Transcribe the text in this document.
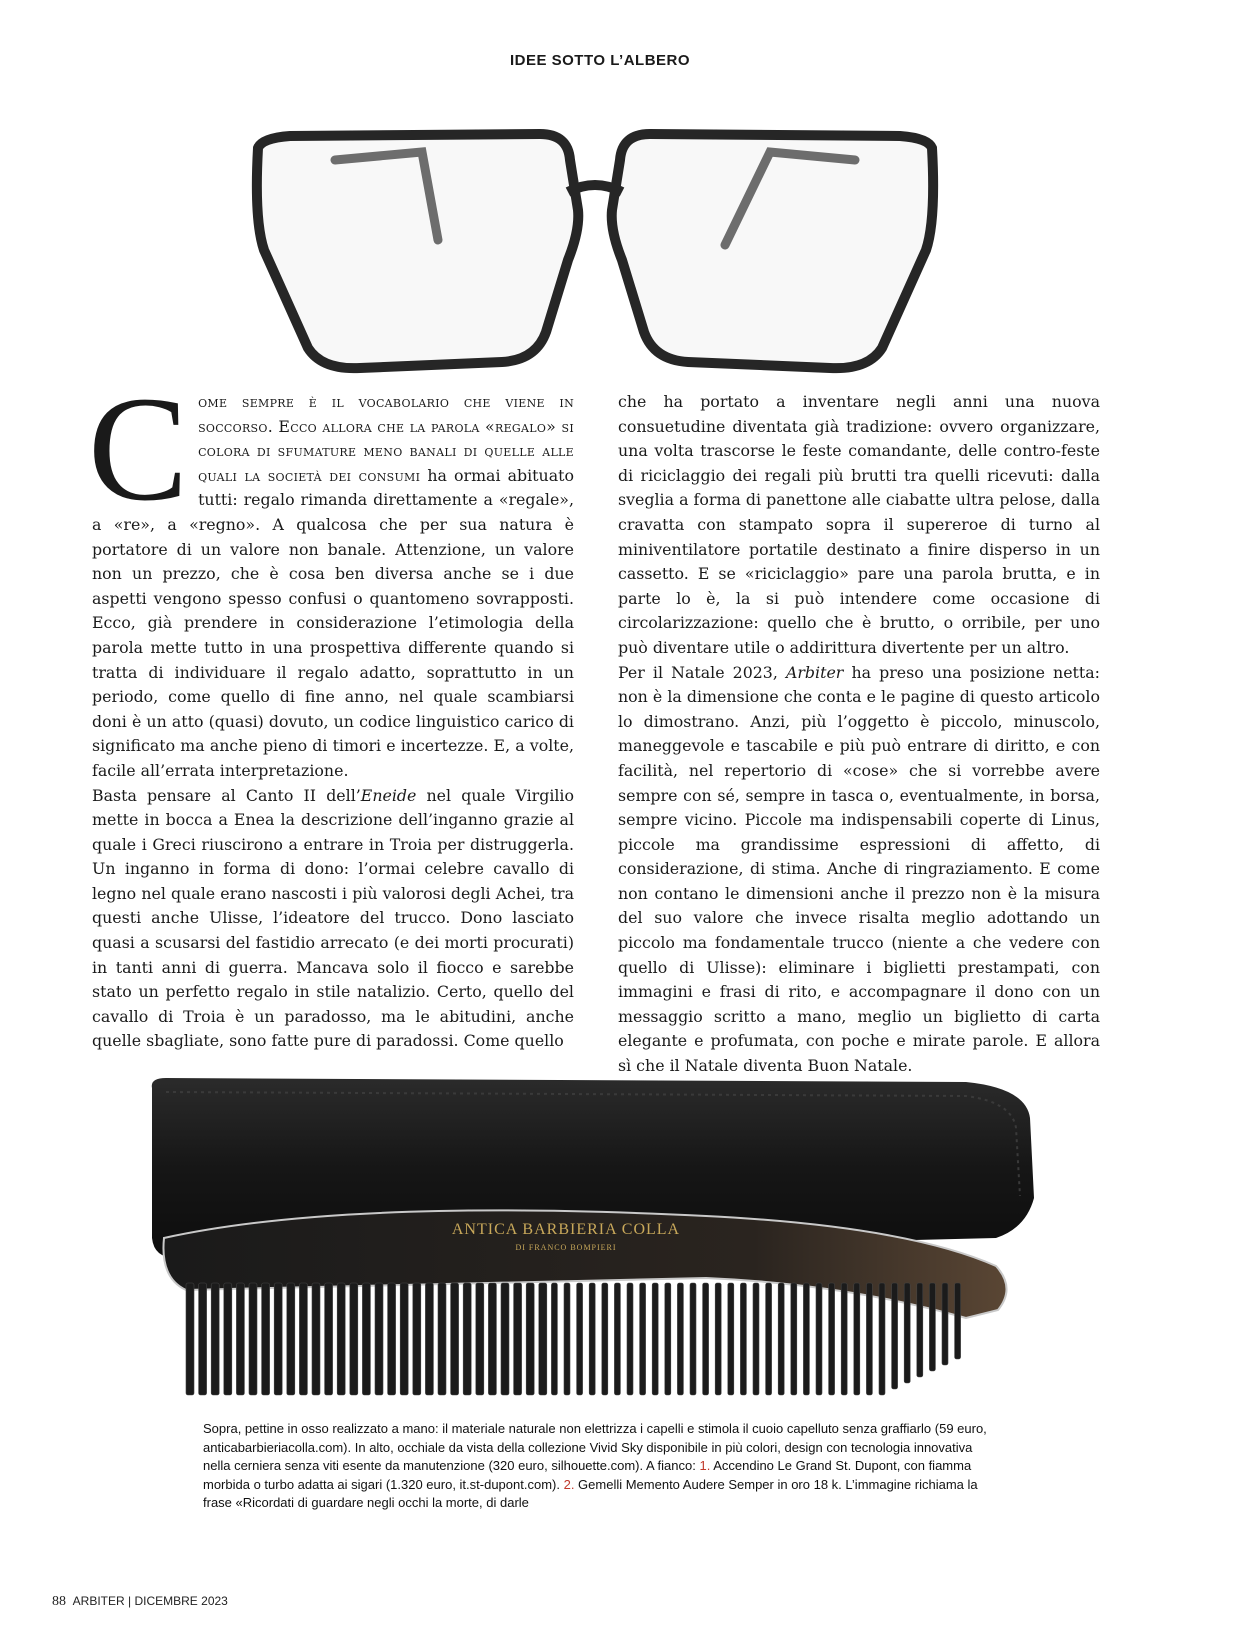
IDEE SOTTO L’ALBERO

Come sempre è il vocabolario che viene in soccorso. Ecco allora che la parola «regalo» si colora di sfumature meno banali di quelle alle quali la società dei consumi ha ormai abituato tutti: regalo rimanda direttamente a «regale», a «re», a «regno». A qualcosa che per sua natura è portatore di un valore non banale. Attenzione, un valore non un prezzo, che è cosa ben diversa anche se i due aspetti vengono spesso confusi o quantomeno sovrapposti. Ecco, già prendere in considerazione l’etimologia della parola mette tutto in una prospettiva differente quando si tratta di individuare il regalo adatto, soprattutto in un periodo, come quello di fine anno, nel quale scambiarsi doni è un atto (quasi) dovuto, un codice linguistico carico di significato ma anche pieno di timori e incertezze. E, a volte, facile all’errata interpretazione.

Basta pensare al Canto II dell’Eneide nel quale Virgilio mette in bocca a Enea la descrizione dell’inganno grazie al quale i Greci riuscirono a entrare in Troia per distruggerla. Un inganno in forma di dono: l’ormai celebre cavallo di legno nel quale erano nascosti i più valorosi degli Achei, tra questi anche Ulisse, l’ideatore del trucco. Dono lasciato quasi a scusarsi del fastidio arrecato (e dei morti procurati) in tanti anni di guerra. Mancava solo il fiocco e sarebbe stato un perfetto regalo in stile natalizio. Certo, quello del cavallo di Troia è un paradosso, ma le abitudini, anche quelle sbagliate, sono fatte pure di paradossi. Come quello

che ha portato a inventare negli anni una nuova consuetudine diventata già tradizione: ovvero organizzare, una volta trascorse le feste comandante, delle contro-feste di riciclaggio dei regali più brutti tra quelli ricevuti: dalla sveglia a forma di panettone alle ciabatte ultra pelose, dalla cravatta con stampato sopra il supereroe di turno al miniventilatore portatile destinato a finire disperso in un cassetto. E se «riciclaggio» pare una parola brutta, e in parte lo è, la si può intendere come occasione di circolarizzazione: quello che è brutto, o orribile, per uno può diventare utile o addirittura divertente per un altro.

Per il Natale 2023, Arbiter ha preso una posizione netta: non è la dimensione che conta e le pagine di questo articolo lo dimostrano. Anzi, più l’oggetto è piccolo, minuscolo, maneggevole e tascabile e più può entrare di diritto, e con facilità, nel repertorio di «cose» che si vorrebbe avere sempre con sé, sempre in tasca o, eventualmente, in borsa, sempre vicino. Piccole ma indispensabili coperte di Linus, piccole ma grandissime espressioni di affetto, di considerazione, di stima. Anche di ringraziamento. E come non contano le dimensioni anche il prezzo non è la misura del suo valore che invece risalta meglio adottando un piccolo ma fondamentale trucco (niente a che vedere con quello di Ulisse): eliminare i biglietti prestampati, con immagini e frasi di rito, e accompagnare il dono con un messaggio scritto a mano, meglio un biglietto di carta elegante e profumata, con poche e mirate parole. E allora sì che il Natale diventa Buon Natale.

ANTICA BARBIERIA COLLA
DI FRANCO BOMPIERI
Sopra, pettine in osso realizzato a mano: il materiale naturale non elettrizza i capelli e stimola il cuoio capelluto senza graffiarlo (59 euro, anticabarbieriacolla.com). In alto, occhiale da vista della collezione Vivid Sky disponibile in più colori, design con tecnologia innovativa nella cerniera senza viti esente da manutenzione (320 euro, silhouette.com). A fianco: 1. Accendino Le Grand St. Dupont, con fiamma morbida o turbo adatta ai sigari (1.320 euro, it.st-dupont.com). 2. Gemelli Memento Audere Semper in oro 18 k. L’immagine richiama la frase «Ricordati di guardare negli occhi la morte, di darle
88 ARBITER | DICEMBRE 2023
